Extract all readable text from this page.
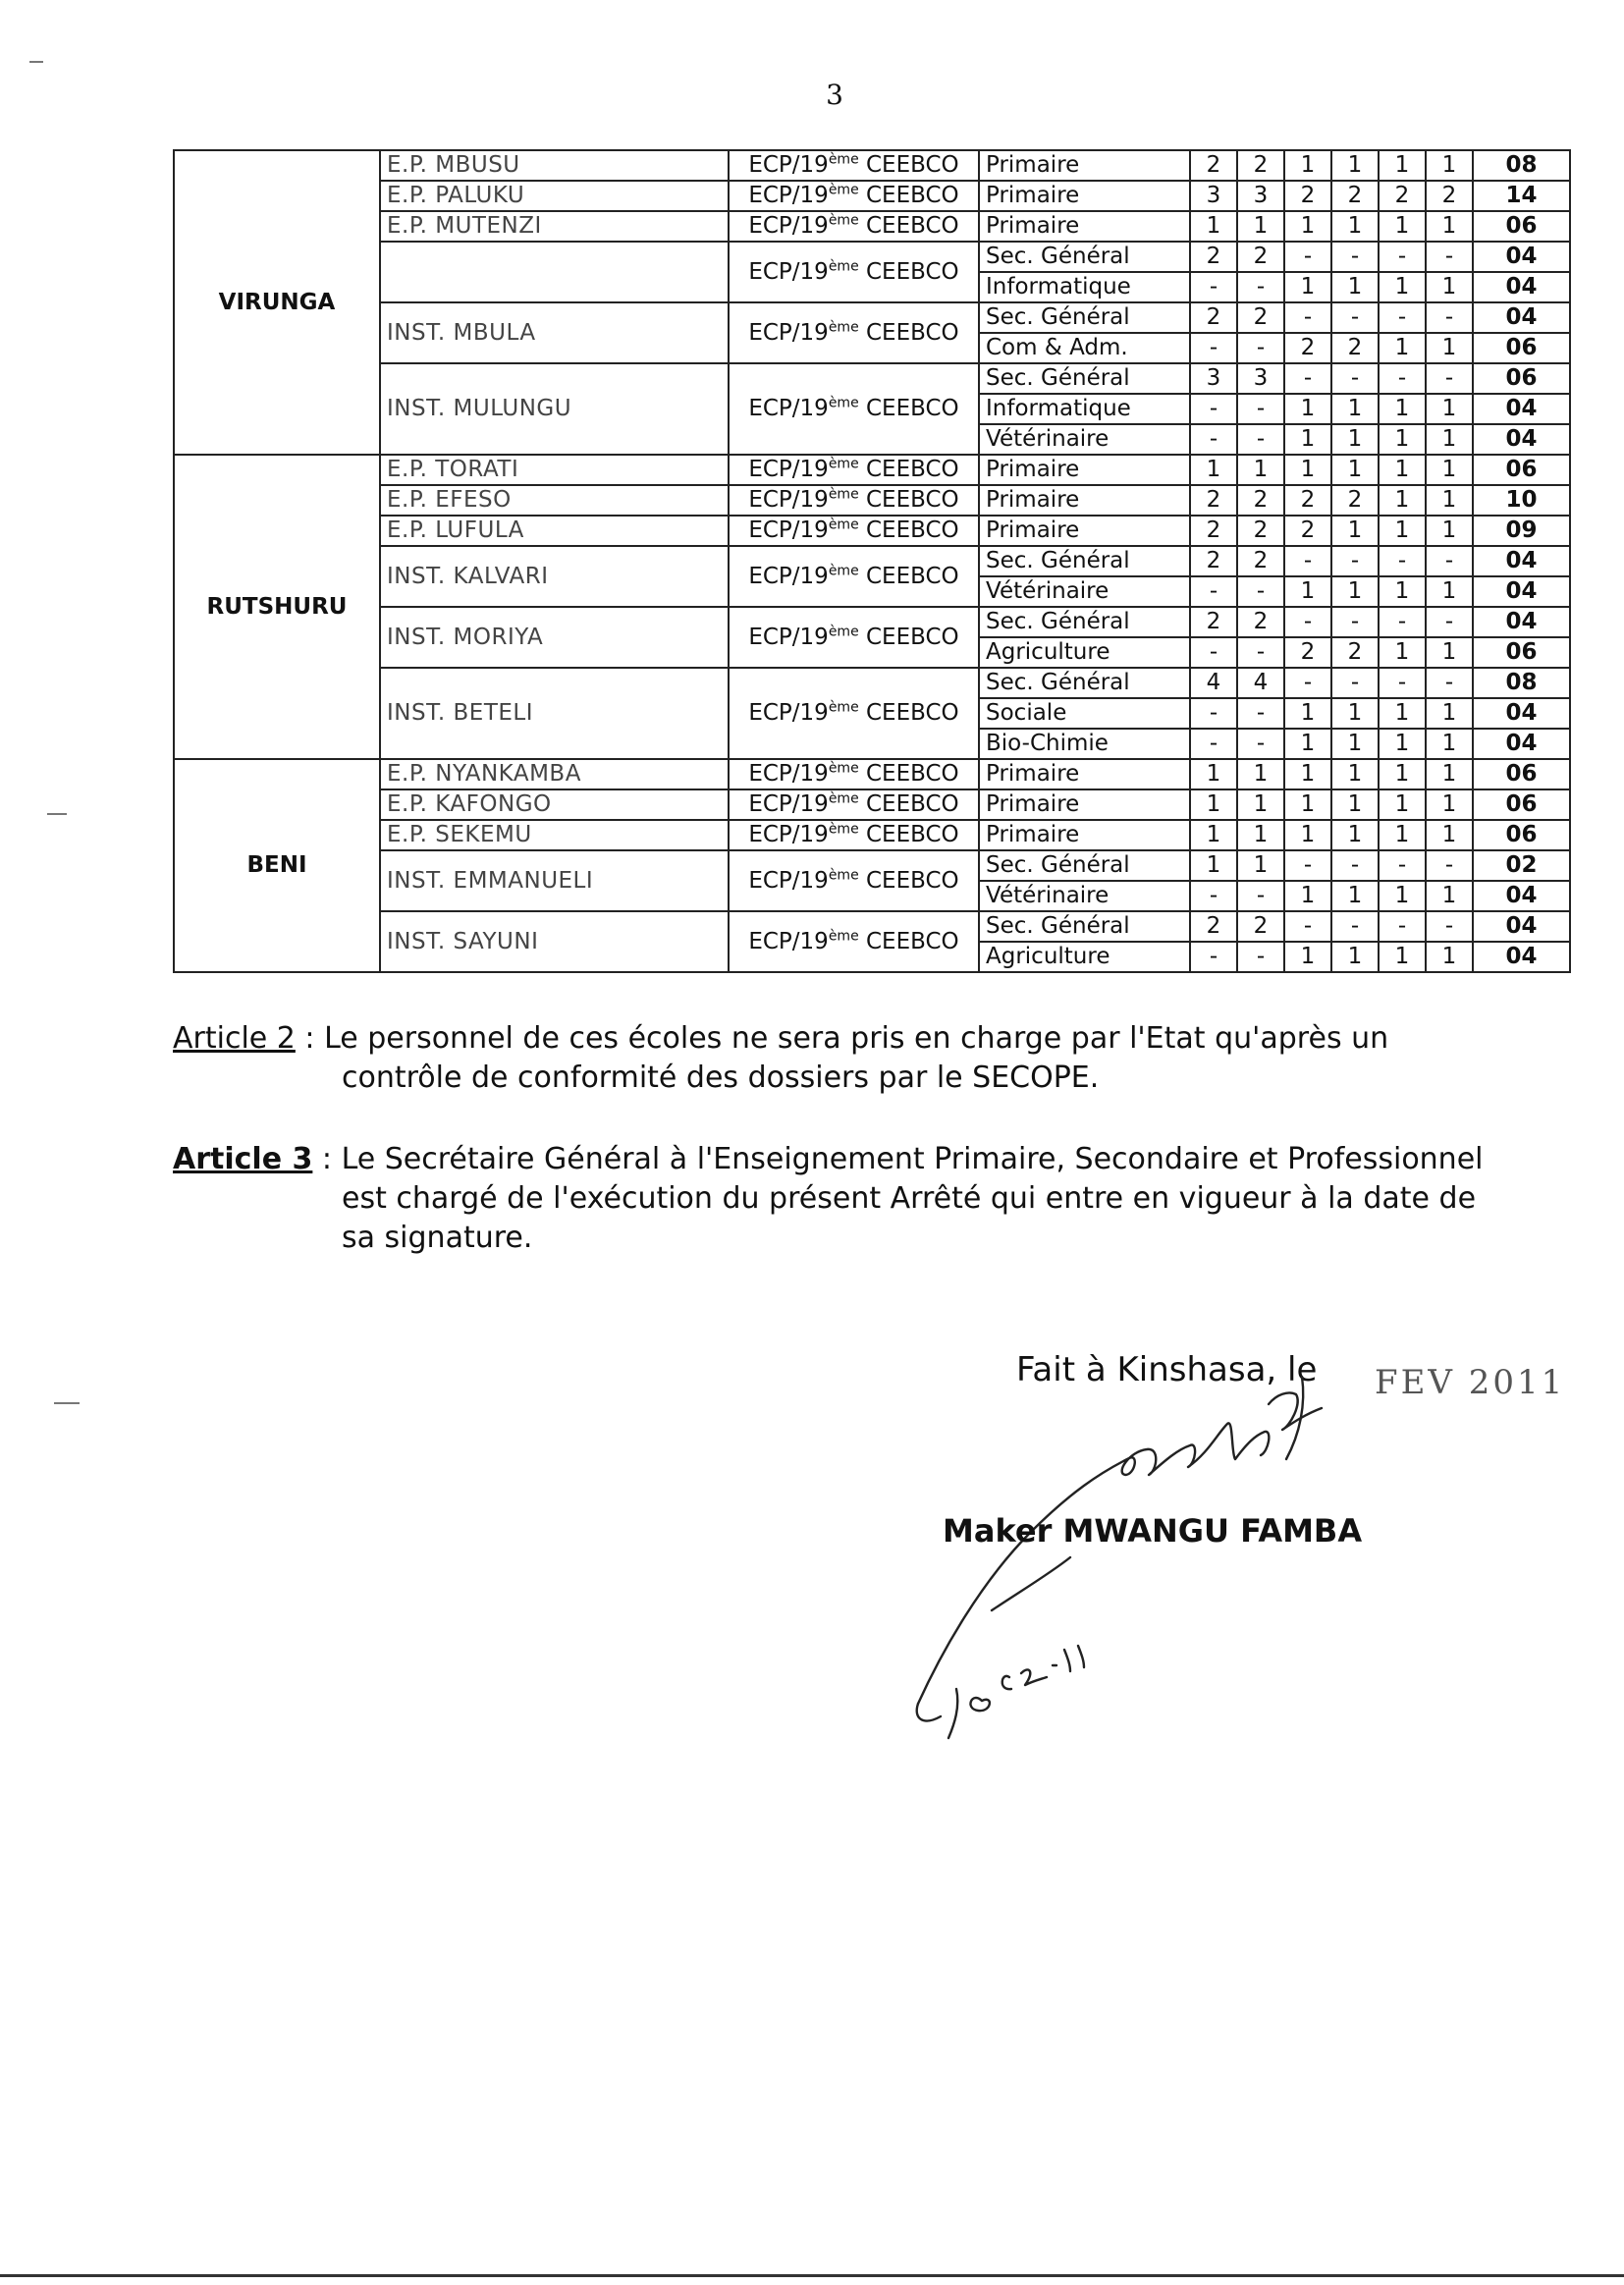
3
VIRUNGA	E.P. MBUSU	ECP/19ème CEEBCO	Primaire	2	2	1	1	1	1	08
	E.P. PALUKU	ECP/19ème CEEBCO	Primaire	3	3	2	2	2	2	14
	E.P. MUTENZI	ECP/19ème CEEBCO	Primaire	1	1	1	1	1	1	06
		ECP/19ème CEEBCO	Sec. Général	2	2	-	-	-	-	04
			Informatique	-	-	1	1	1	1	04
	INST. MBULA	ECP/19ème CEEBCO	Sec. Général	2	2	-	-	-	-	04
			Com & Adm.	-	-	2	2	1	1	06
	INST. MULUNGU	ECP/19ème CEEBCO	Sec. Général	3	3	-	-	-	-	06
			Informatique	-	-	1	1	1	1	04
			Vétérinaire	-	-	1	1	1	1	04
RUTSHURU	E.P. TORATI	ECP/19ème CEEBCO	Primaire	1	1	1	1	1	1	06
	E.P. EFESO	ECP/19ème CEEBCO	Primaire	2	2	2	2	1	1	10
	E.P. LUFULA	ECP/19ème CEEBCO	Primaire	2	2	2	1	1	1	09
	INST. KALVARI	ECP/19ème CEEBCO	Sec. Général	2	2	-	-	-	-	04
			Vétérinaire	-	-	1	1	1	1	04
	INST. MORIYA	ECP/19ème CEEBCO	Sec. Général	2	2	-	-	-	-	04
			Agriculture	-	-	2	2	1	1	06
	INST. BETELI	ECP/19ème CEEBCO	Sec. Général	4	4	-	-	-	-	08
			Sociale	-	-	1	1	1	1	04
			Bio-Chimie	-	-	1	1	1	1	04
BENI	E.P. NYANKAMBA	ECP/19ème CEEBCO	Primaire	1	1	1	1	1	1	06
	E.P. KAFONGO	ECP/19ème CEEBCO	Primaire	1	1	1	1	1	1	06
	E.P. SEKEMU	ECP/19ème CEEBCO	Primaire	1	1	1	1	1	1	06
	INST. EMMANUELI	ECP/19ème CEEBCO	Sec. Général	1	1	-	-	-	-	02
			Vétérinaire	-	-	1	1	1	1	04
	INST. SAYUNI	ECP/19ème CEEBCO	Sec. Général	2	2	-	-	-	-	04
			Agriculture	-	-	1	1	1	1	04
Article 2 : Le personnel de ces écoles ne sera pris en charge par l'Etat qu'après un
contrôle de conformité des dossiers par le SECOPE.
Article 3 : Le Secrétaire Général à l'Enseignement Primaire, Secondaire et Professionnel
est chargé de l'exécution du présent Arrêté qui entre en vigueur à la date de
sa signature.
Fait à Kinshasa, le FEV 2011
Maker MWANGU FAMBA
